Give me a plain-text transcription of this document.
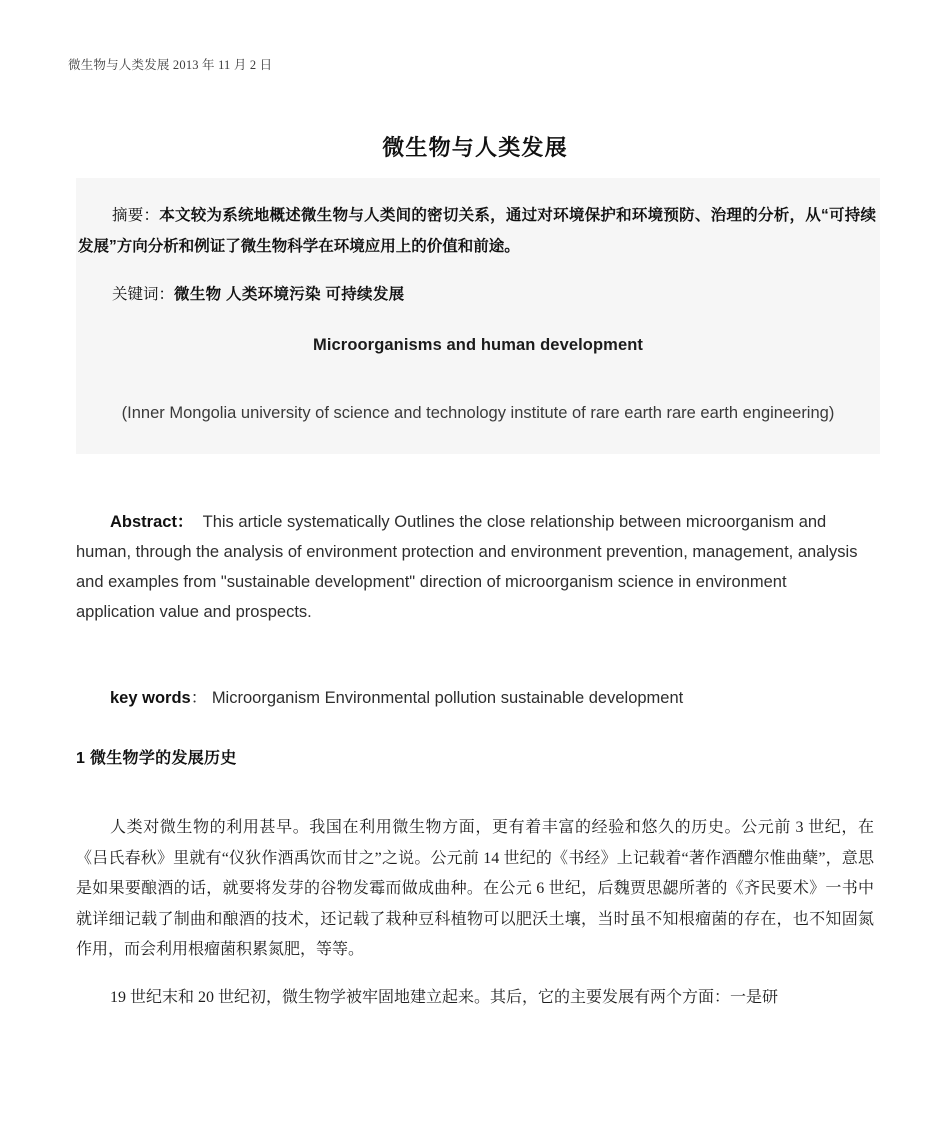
微生物与人类发展 2013 年 11 月 2 日
微生物与人类发展

摘要：本文较为系统地概述微生物与人类间的密切关系，通过对环境保护和环境预防、治理的分析，从“可持续发展”方向分析和例证了微生物科学在环境应用上的价值和前途。

关键词：微生物 人类环境污染 可持续发展

Microorganisms and human development
(Inner Mongolia university of science and technology institute of rare earth rare earth engineering)

Abstract： This article systematically Outlines the close relationship between microorganism and human, through the analysis of environment protection and environment prevention, management, analysis and examples from "sustainable development" direction of microorganism science in environment application value and prospects.

key words： Microorganism Environmental pollution sustainable development

1 微生物学的发展历史

人类对微生物的利用甚早。我国在利用微生物方面，更有着丰富的经验和悠久的历史。公元前 3 世纪，在《吕氏春秋》里就有“仪狄作酒禹饮而甘之”之说。公元前 14 世纪的《书经》上记载着“著作酒醴尔惟曲蘖”，意思是如果要酿酒的话，就要将发芽的谷物发霉而做成曲种。在公元 6 世纪，后魏贾思勰所著的《齐民要术》一书中就详细记载了制曲和酿酒的技术，还记载了栽种豆科植物可以肥沃土壤，当时虽不知根瘤菌的存在，也不知固氮作用，而会利用根瘤菌积累氮肥，等等。

19 世纪末和 20 世纪初，微生物学被牢固地建立起来。其后，它的主要发展有两个方面：一是研
